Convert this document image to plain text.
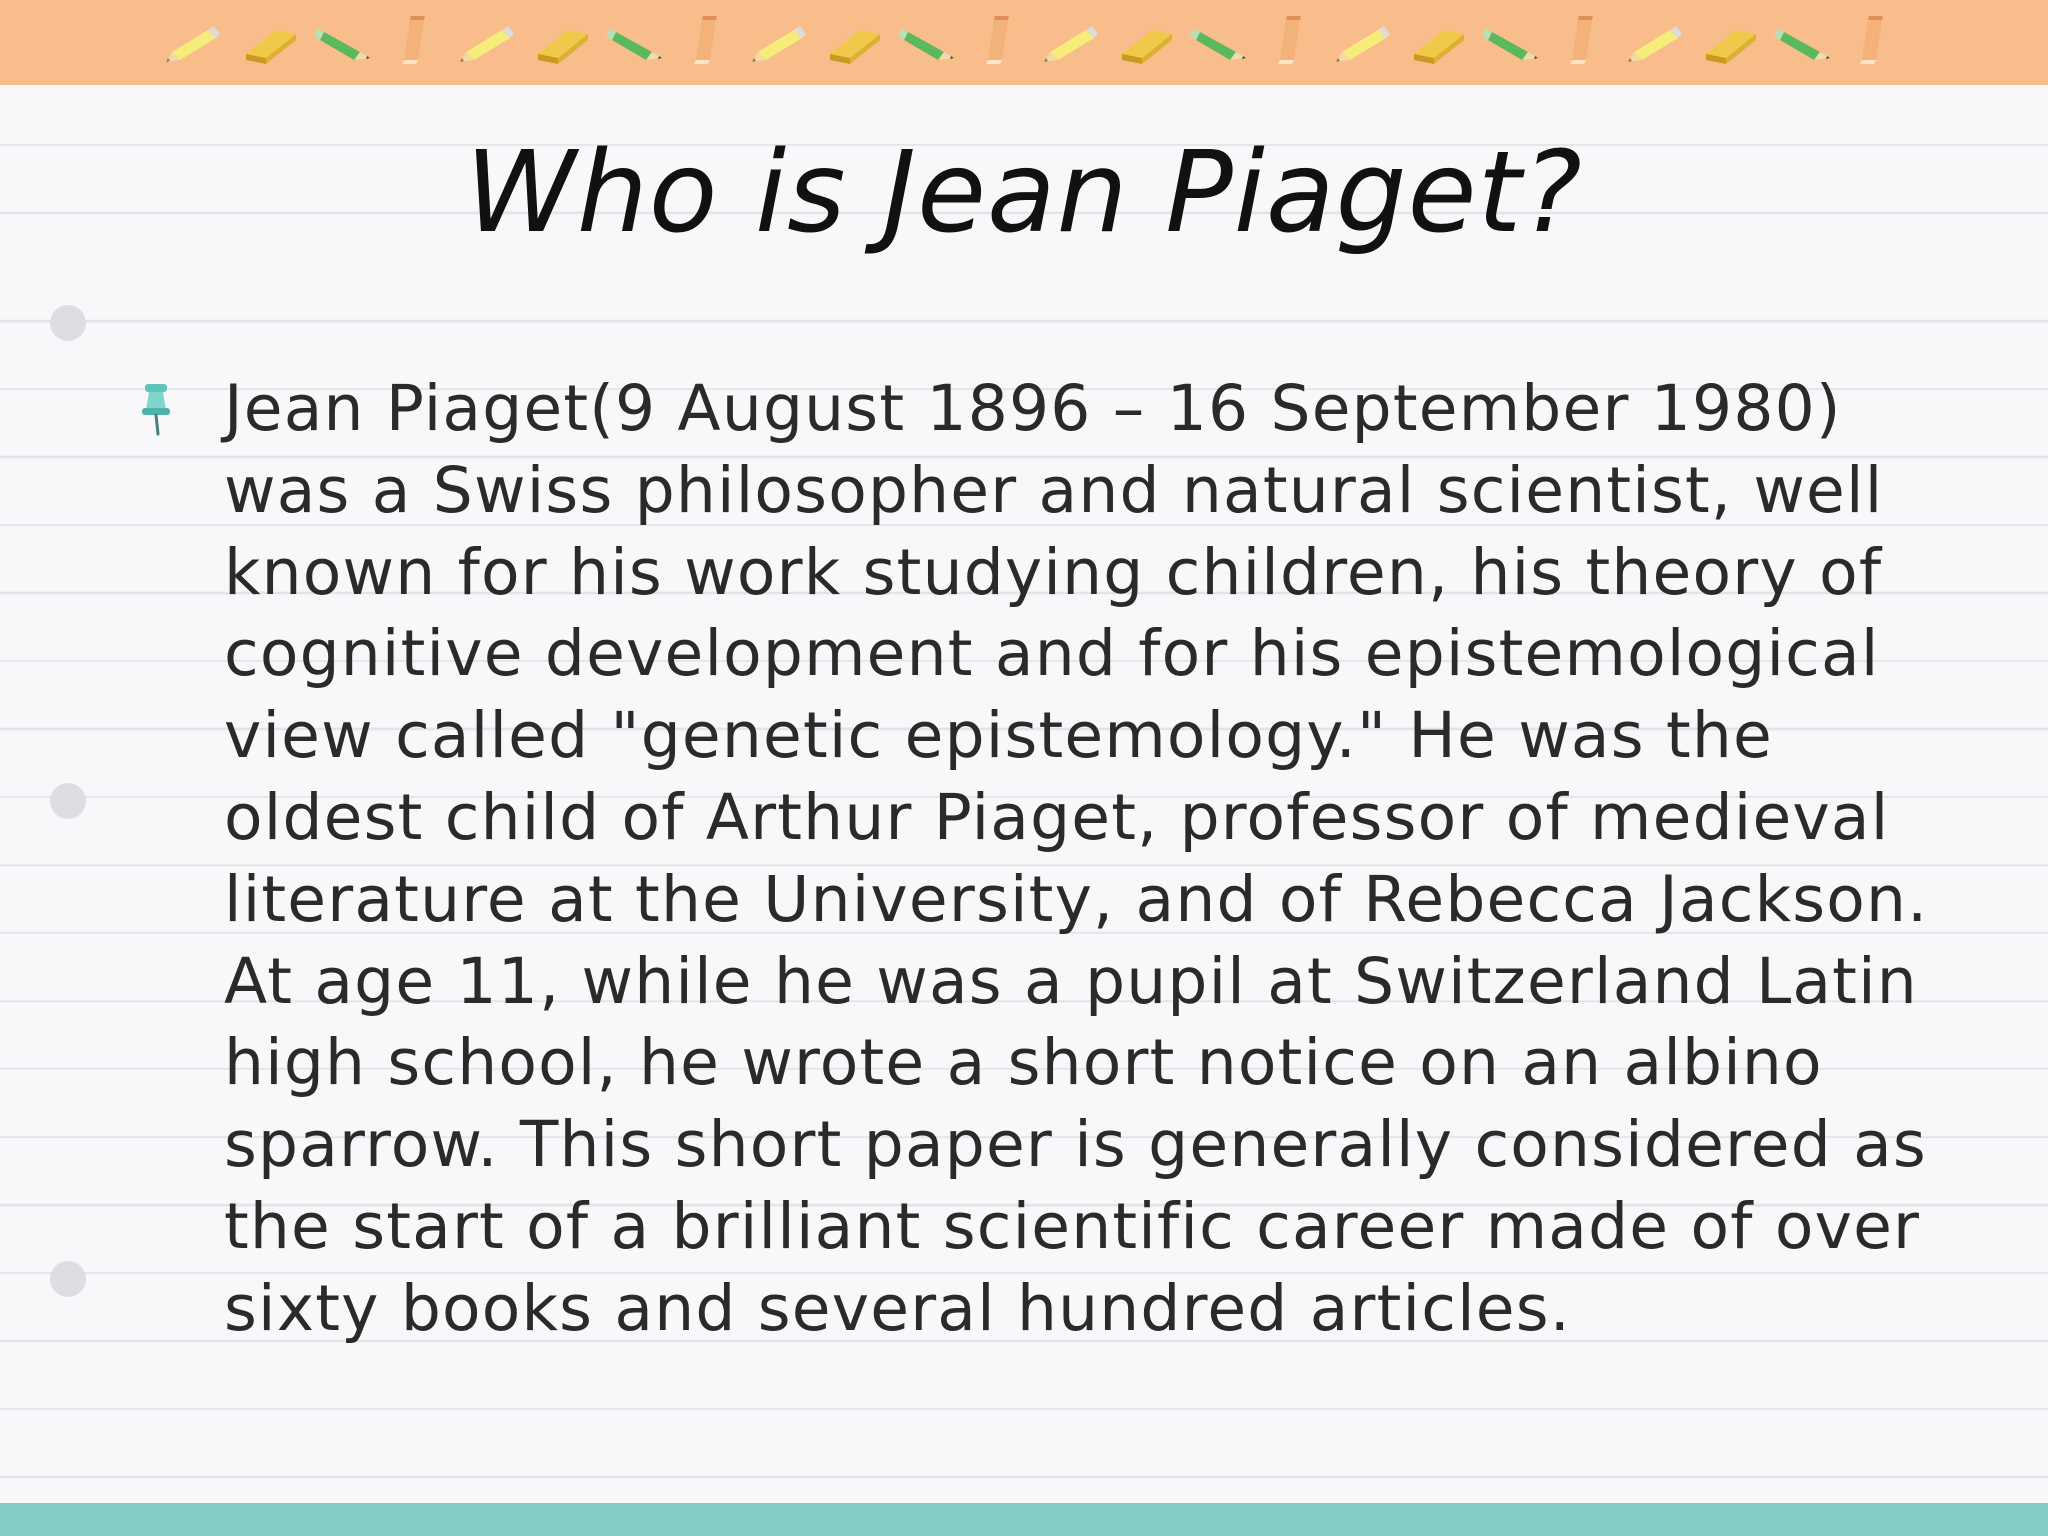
Who is Jean Piaget?

Jean Piaget(9 August 1896 – 16 September 1980) was a Swiss philosopher and natural scientist, well known for his work studying children, his theory of cognitive development and for his epistemological view called "genetic epistemology." He was the oldest child of Arthur Piaget, professor of medieval literature at the University, and of Rebecca Jackson. At age 11, while he was a pupil at Switzerland Latin high school, he wrote a short notice on an albino sparrow. This short paper is generally considered as the start of a brilliant scientific career made of over sixty books and several hundred articles.
